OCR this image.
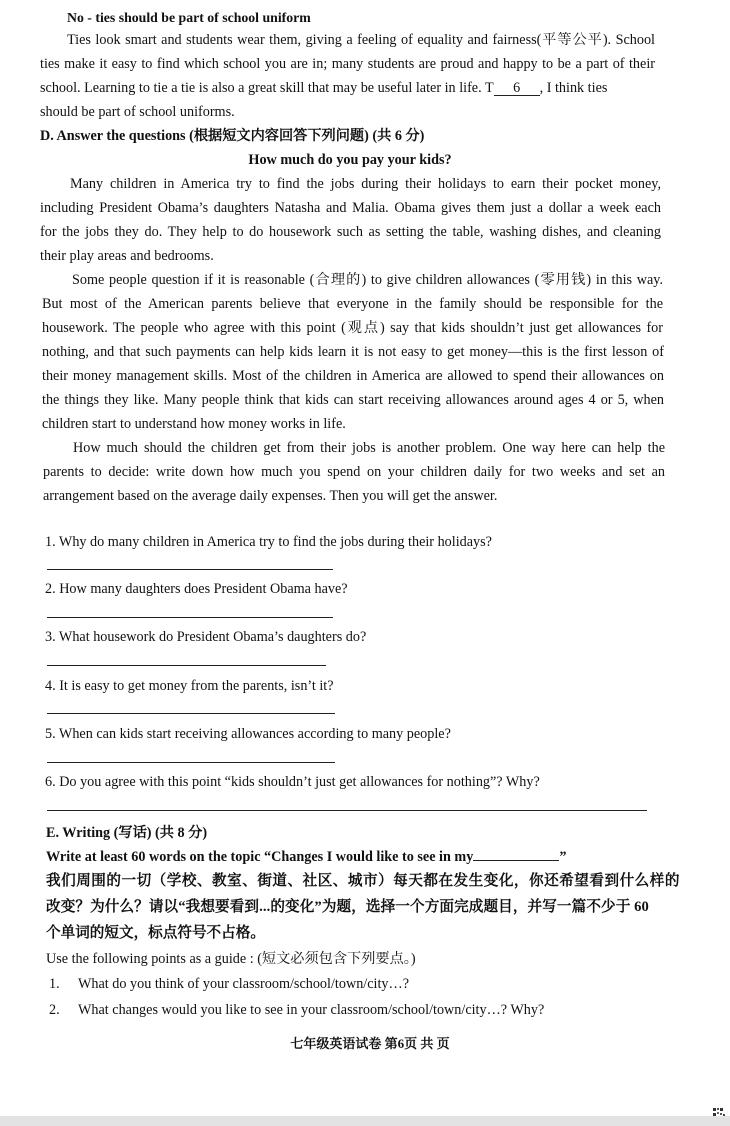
No - ties should be part of school uniform
Ties look smart and students wear them, giving a feeling of equality and fairness(平等公平). School
ties make it easy to find which school you are in; many students are proud and happy to be a part of their
school. Learning to tie a tie is also a great skill that may be useful later in life. T 6 , I think ties
should be part of school uniforms.
D. Answer the questions (根据短文内容回答下列问题) (共 6 分)
How much do you pay your kids?
Many children in America try to find the jobs during their holidays to earn their pocket money,
including President Obama’s daughters Natasha and Malia. Obama gives them just a dollar a week each
for the jobs they do. They help to do housework such as setting the table, washing dishes, and cleaning
their play areas and bedrooms.
Some people question if it is reasonable (合理的) to give children allowances (零用钱) in this way.
But most of the American parents believe that everyone in the family should be responsible for the
housework. The people who agree with this point (观点) say that kids shouldn’t just get allowances for
nothing, and that such payments can help kids learn it is not easy to get money—this is the first lesson of
their money management skills. Most of the children in America are allowed to spend their allowances on
the things they like. Many people think that kids can start receiving allowances around ages 4 or 5, when
children start to understand how money works in life.
How much should the children get from their jobs is another problem. One way here can help the
parents to decide: write down how much you spend on your children daily for two weeks and set an
arrangement based on the average daily expenses. Then you will get the answer.
1. Why do many children in America try to find the jobs during their holidays?
2. How many daughters does President Obama have?
3. What housework do President Obama’s daughters do?
4. It is easy to get money from the parents, isn’t it?
5. When can kids start receiving allowances according to many people?
6. Do you agree with this point “kids shouldn’t just get allowances for nothing”? Why?
E. Writing (写话) (共 8 分)
Write at least 60 words on the topic “Changes I would like to see in my	”
我们周围的一切（学校、教室、街道、社区、城市）每天都在发生变化，你还希望看到什么样的
改变？为什么？请以“我想要看到...的变化”为题，选择一个方面完成题目，并写一篇不少于 60
个单词的短文，标点符号不占格。
Use the following points as a guide : (短文必须包含下列要点。)
1. What do you think of your classroom/school/town/city…?
2. What changes would you like to see in your classroom/school/town/city…? Why?
七年级英语试卷 第6页 共 页
